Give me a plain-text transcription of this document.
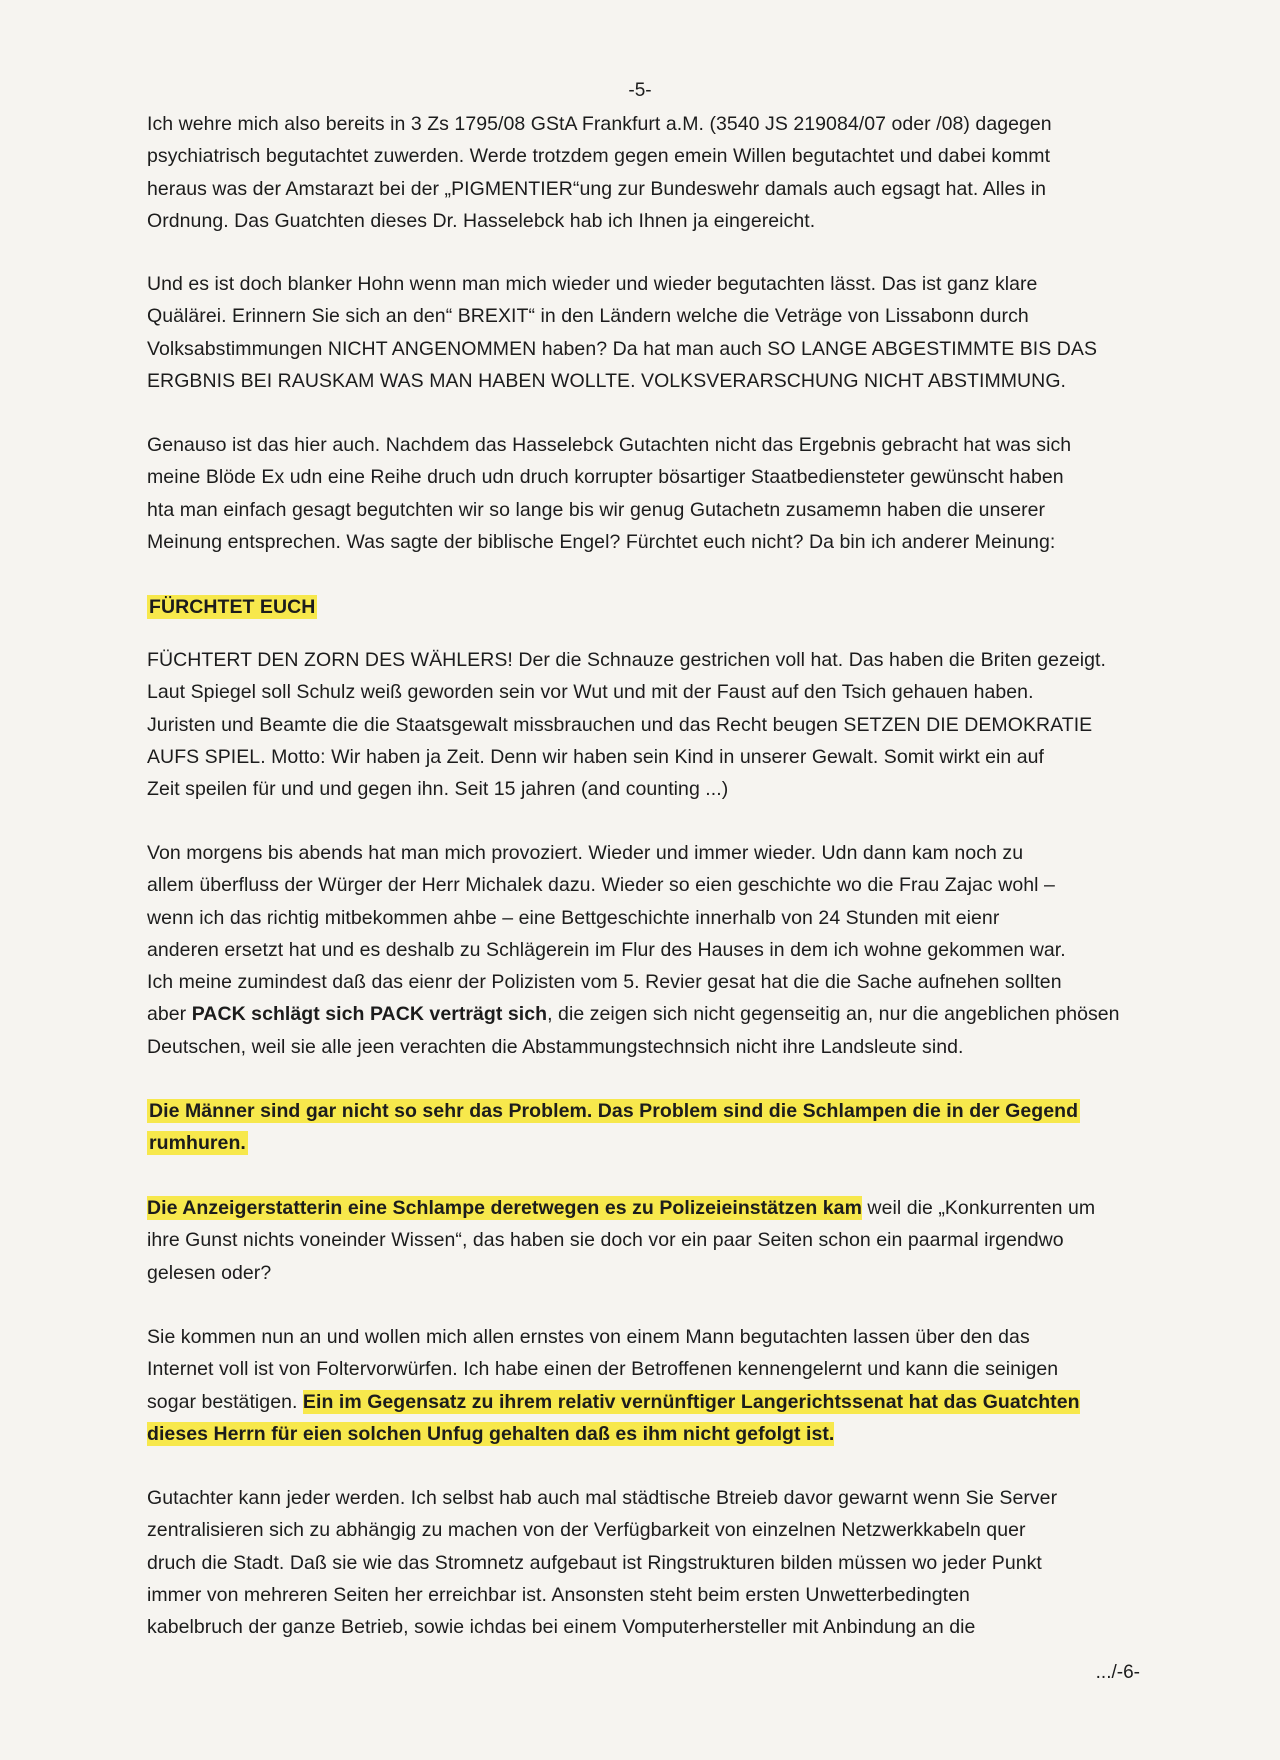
-5-
Ich wehre mich also bereits in 3 Zs 1795/08 GStA Frankfurt a.M. (3540 JS 219084/07 oder /08) dagegen
psychiatrisch begutachtet zuwerden. Werde trotzdem gegen emein Willen begutachtet und dabei kommt
heraus was der Amstarazt bei der „PIGMENTIER“ung zur Bundeswehr damals auch egsagt hat. Alles in
Ordnung. Das Guatchten dieses Dr. Hasselebck hab ich Ihnen ja eingereicht.
Und es ist doch blanker Hohn wenn man mich wieder und wieder begutachten lässt. Das ist ganz klare
Quälärei. Erinnern Sie sich an den“ BREXIT“ in den Ländern welche die Veträge von Lissabonn durch
Volksabstimmungen NICHT ANGENOMMEN haben? Da hat man auch SO LANGE ABGESTIMMTE BIS DAS
ERGBNIS BEI RAUSKAM WAS MAN HABEN WOLLTE. VOLKSVERARSCHUNG NICHT ABSTIMMUNG.
Genauso ist das hier auch. Nachdem das Hasselebck Gutachten nicht das Ergebnis gebracht hat was sich
meine Blöde Ex udn eine Reihe druch udn druch korrupter bösartiger Staatbediensteter gewünscht haben
hta man einfach gesagt begutchten wir so lange bis wir genug Gutachetn zusamemn haben die unserer
Meinung entsprechen. Was sagte der biblische Engel? Fürchtet euch nicht? Da bin ich anderer Meinung:
FÜRCHTET EUCH
FÜCHTERT DEN ZORN DES WÄHLERS! Der die Schnauze gestrichen voll hat. Das haben die Briten gezeigt.
Laut Spiegel soll Schulz weiß geworden sein vor Wut und mit der Faust auf den Tsich gehauen haben.
Juristen und Beamte die die Staatsgewalt missbrauchen und das Recht beugen SETZEN DIE DEMOKRATIE
AUFS SPIEL. Motto: Wir haben ja Zeit. Denn wir haben sein Kind in unserer Gewalt. Somit wirkt ein auf
Zeit speilen für und und gegen ihn. Seit 15 jahren (and counting ...)
Von morgens bis abends hat man mich provoziert. Wieder und immer wieder. Udn dann kam noch zu
allem überfluss der Würger der Herr Michalek dazu. Wieder so eien geschichte wo die Frau Zajac wohl –
wenn ich das richtig mitbekommen ahbe – eine Bettgeschichte innerhalb von 24 Stunden mit eienr
anderen ersetzt hat und es deshalb zu Schlägerein im Flur des Hauses in dem ich wohne gekommen war.
Ich meine zumindest daß das eienr der Polizisten vom 5. Revier gesat hat die die Sache aufnehen sollten
aber PACK schlägt sich PACK verträgt sich, die zeigen sich nicht gegenseitig an, nur die angeblichen phösen
Deutschen, weil sie alle jeen verachten die Abstammungstechnsich nicht ihre Landsleute sind.
Die Männer sind gar nicht so sehr das Problem. Das Problem sind die Schlampen die in der Gegend
rumhuren.
Die Anzeigerstatterin eine Schlampe deretwegen es zu Polizeieinstätzen kam weil die „Konkurrenten um
ihre Gunst nichts voneinder Wissen“, das haben sie doch vor ein paar Seiten schon ein paarmal irgendwo
gelesen oder?
Sie kommen nun an und wollen mich allen ernstes von einem Mann begutachten lassen über den das
Internet voll ist von Foltervorwürfen. Ich habe einen der Betroffenen kennengelernt und kann die seinigen
sogar bestätigen. Ein im Gegensatz zu ihrem relativ vernünftiger Langerichtssenat hat das Guatchten
dieses Herrn für eien solchen Unfug gehalten daß es ihm nicht gefolgt ist.
Gutachter kann jeder werden. Ich selbst hab auch mal städtische Btreieb davor gewarnt wenn Sie Server
zentralisieren sich zu abhängig zu machen von der Verfügbarkeit von einzelnen Netzwerkkabeln quer
druch die Stadt. Daß sie wie das Stromnetz aufgebaut ist Ringstrukturen bilden müssen wo jeder Punkt
immer von mehreren Seiten her erreichbar ist. Ansonsten steht beim ersten Unwetterbedingten
kabelbruch der ganze Betrieb, sowie ichdas bei einem Vomputerhersteller mit Anbindung an die
.../-6-
